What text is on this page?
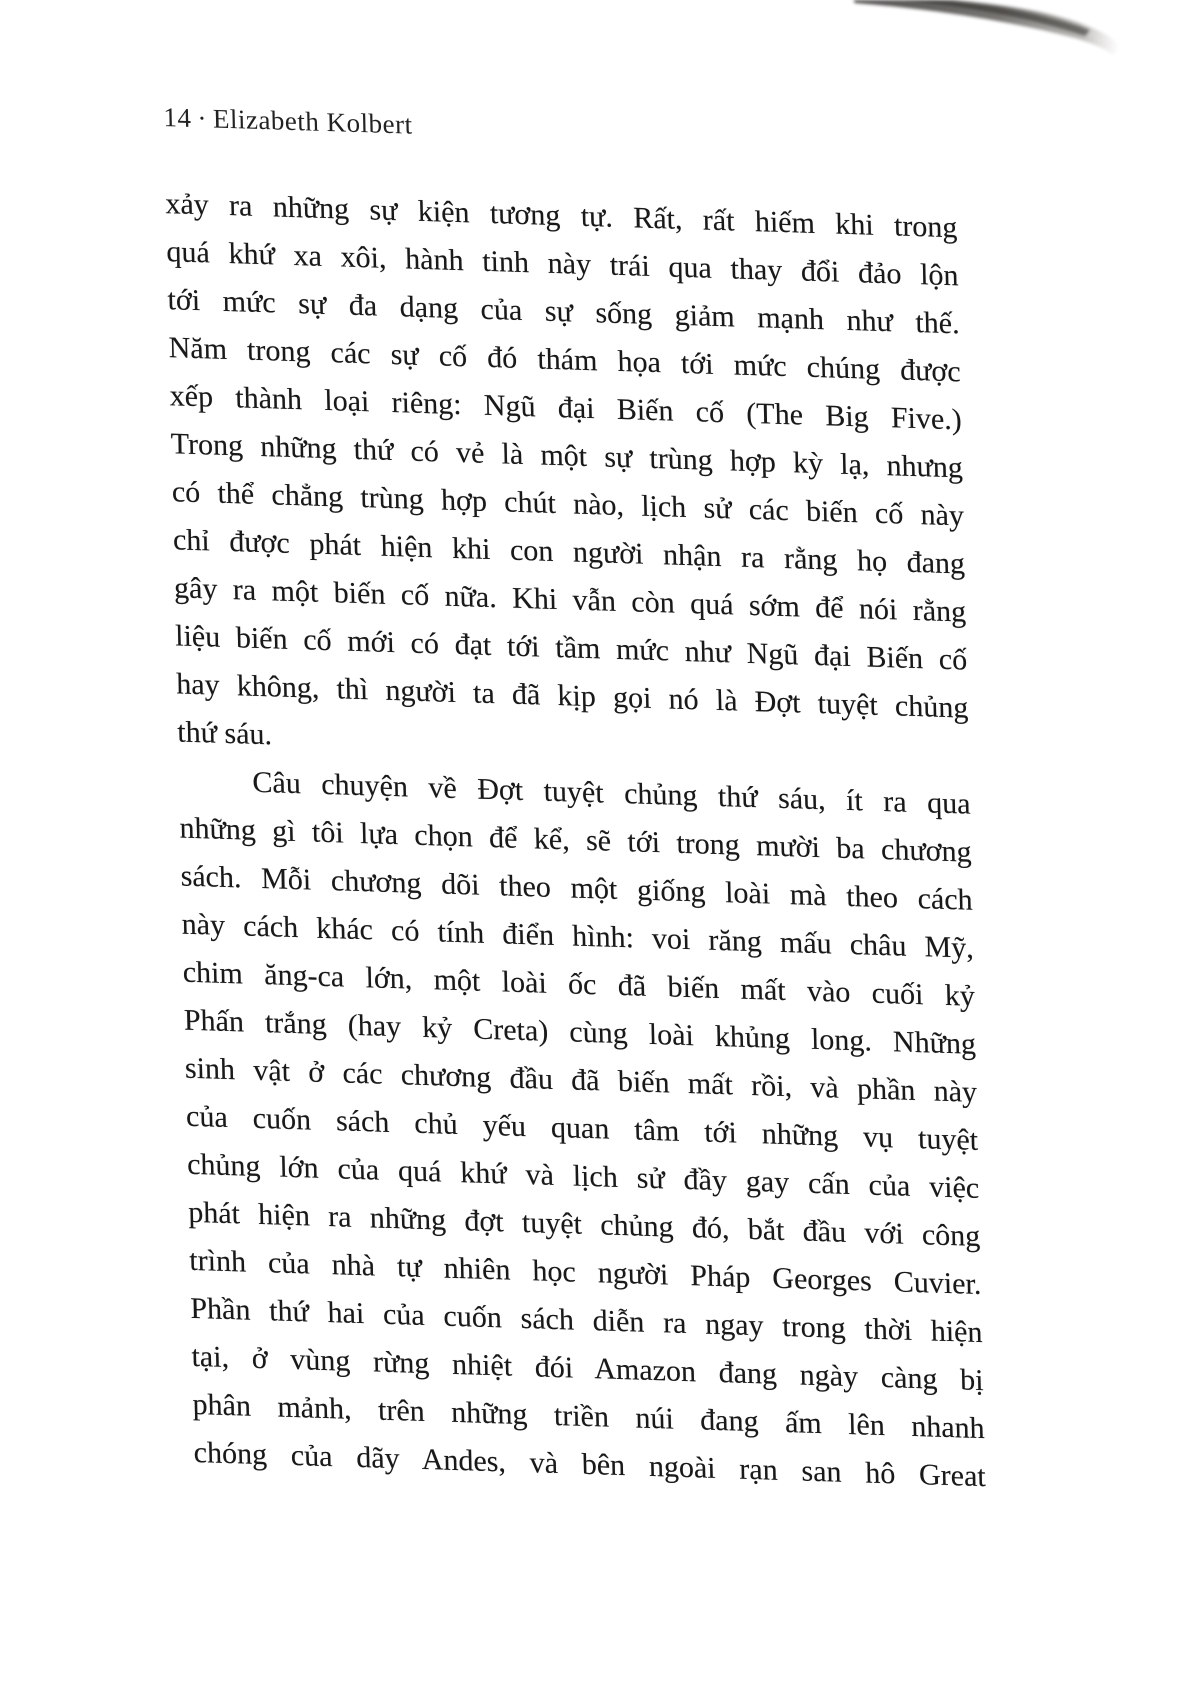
14 · Elizabeth Kolbert
xảy ra những sự kiện tương tự. Rất, rất hiếm khi trong
quá khứ xa xôi, hành tinh này trái qua thay đổi đảo lộn
tới mức sự đa dạng của sự sống giảm mạnh như thế.
Năm trong các sự cố đó thám họa tới mức chúng được
xếp thành loại riêng: Ngũ đại Biến cố (The Big Five.)
Trong những thứ có vẻ là một sự trùng hợp kỳ lạ, nhưng
có thể chẳng trùng hợp chút nào, lịch sử các biến cố này
chỉ được phát hiện khi con người nhận ra rằng họ đang
gây ra một biến cố nữa. Khi vẫn còn quá sớm để nói rằng
liệu biến cố mới có đạt tới tầm mức như Ngũ đại Biến cố
hay không, thì người ta đã kịp gọi nó là Đợt tuyệt chủng
thứ sáu.
Câu chuyện về Đợt tuyệt chủng thứ sáu, ít ra qua
những gì tôi lựa chọn để kể, sẽ tới trong mười ba chương
sách. Mỗi chương dõi theo một giống loài mà theo cách
này cách khác có tính điển hình: voi răng mấu châu Mỹ,
chim ăng-ca lớn, một loài ốc đã biến mất vào cuối kỷ
Phấn trắng (hay kỷ Creta) cùng loài khủng long. Những
sinh vật ở các chương đầu đã biến mất rồi, và phần này
của cuốn sách chủ yếu quan tâm tới những vụ tuyệt
chủng lớn của quá khứ và lịch sử đầy gay cấn của việc
phát hiện ra những đợt tuyệt chủng đó, bắt đầu với công
trình của nhà tự nhiên học người Pháp Georges Cuvier.
Phần thứ hai của cuốn sách diễn ra ngay trong thời hiện
tại, ở vùng rừng nhiệt đói Amazon đang ngày càng bị
phân mảnh, trên những triền núi đang ấm lên nhanh
chóng của dãy Andes, và bên ngoài rạn san hô Great
